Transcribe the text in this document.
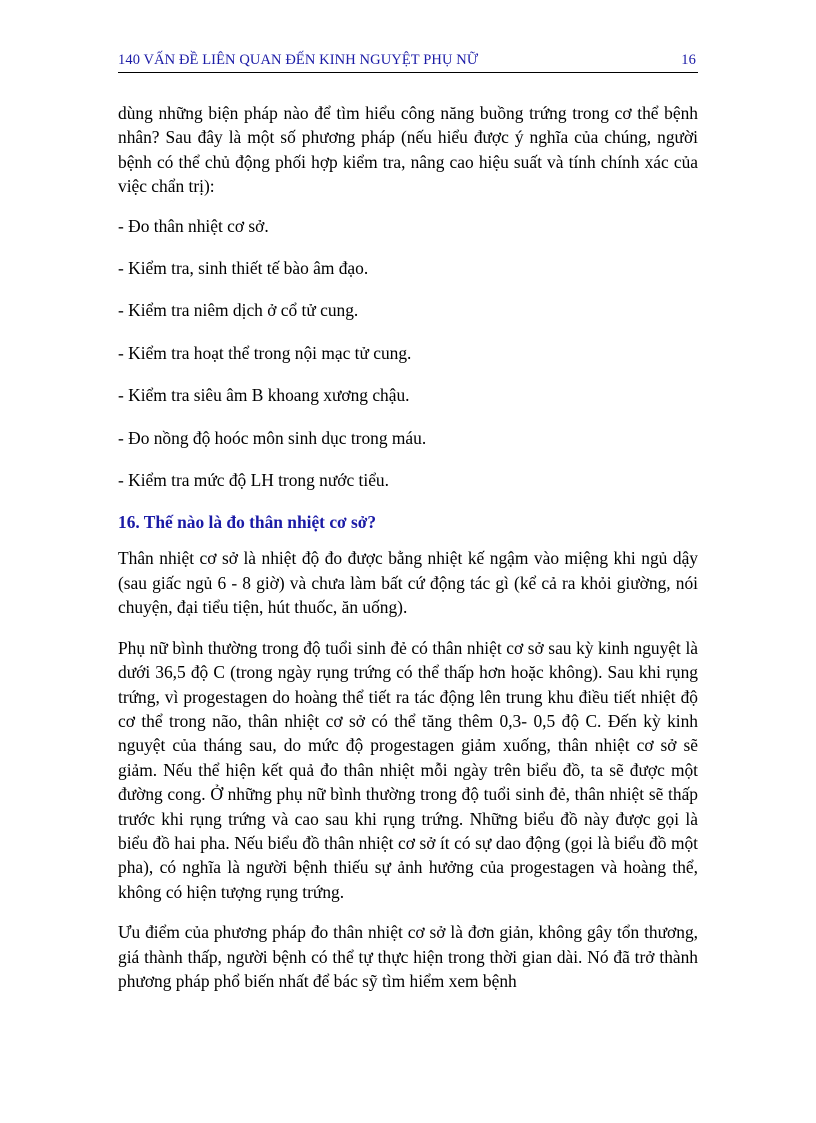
140 VẤN ĐỀ LIÊN QUAN ĐẾN KINH NGUYỆT PHỤ NỮ	16

dùng những biện pháp nào để tìm hiểu công năng buồng trứng trong cơ thể bệnh nhân? Sau đây là một số phương pháp (nếu hiểu được ý nghĩa của chúng, người bệnh có thể chủ động phối hợp kiểm tra, nâng cao hiệu suất và tính chính xác của việc chẩn trị):

- Đo thân nhiệt cơ sở.
- Kiểm tra, sinh thiết tế bào âm đạo.
- Kiểm tra niêm dịch ở cổ tử cung.
- Kiểm tra hoạt thể trong nội mạc tử cung.
- Kiểm tra siêu âm B khoang xương chậu.
- Đo nồng độ hoóc môn sinh dục trong máu.
- Kiểm tra mức độ LH trong nước tiểu.
16. Thế nào là đo thân nhiệt cơ sở?

Thân nhiệt cơ sở là nhiệt độ đo được bằng nhiệt kế ngậm vào miệng khi ngủ dậy (sau giấc ngủ 6 - 8 giờ) và chưa làm bất cứ động tác gì (kể cả ra khỏi giường, nói chuyện, đại tiểu tiện, hút thuốc, ăn uống).

Phụ nữ bình thường trong độ tuổi sinh đẻ có thân nhiệt cơ sở sau kỳ kinh nguyệt là dưới 36,5 độ C (trong ngày rụng trứng có thể thấp hơn hoặc không). Sau khi rụng trứng, vì progestagen do hoàng thể tiết ra tác động lên trung khu điều tiết nhiệt độ cơ thể trong não, thân nhiệt cơ sở có thể tăng thêm 0,3- 0,5 độ C. Đến kỳ kinh nguyệt của tháng sau, do mức độ progestagen giảm xuống, thân nhiệt cơ sở sẽ giảm. Nếu thể hiện kết quả đo thân nhiệt mỗi ngày trên biểu đồ, ta sẽ được một đường cong. Ở những phụ nữ bình thường trong độ tuổi sinh đẻ, thân nhiệt sẽ thấp trước khi rụng trứng và cao sau khi rụng trứng. Những biểu đồ này được gọi là biểu đồ hai pha. Nếu biểu đồ thân nhiệt cơ sở ít có sự dao động (gọi là biểu đồ một pha), có nghĩa là người bệnh thiếu sự ảnh hưởng của progestagen và hoàng thể, không có hiện tượng rụng trứng.

Ưu điểm của phương pháp đo thân nhiệt cơ sở là đơn giản, không gây tổn thương, giá thành thấp, người bệnh có thể tự thực hiện trong thời gian dài. Nó đã trở thành phương pháp phổ biến nhất để bác sỹ tìm hiểm xem bệnh
